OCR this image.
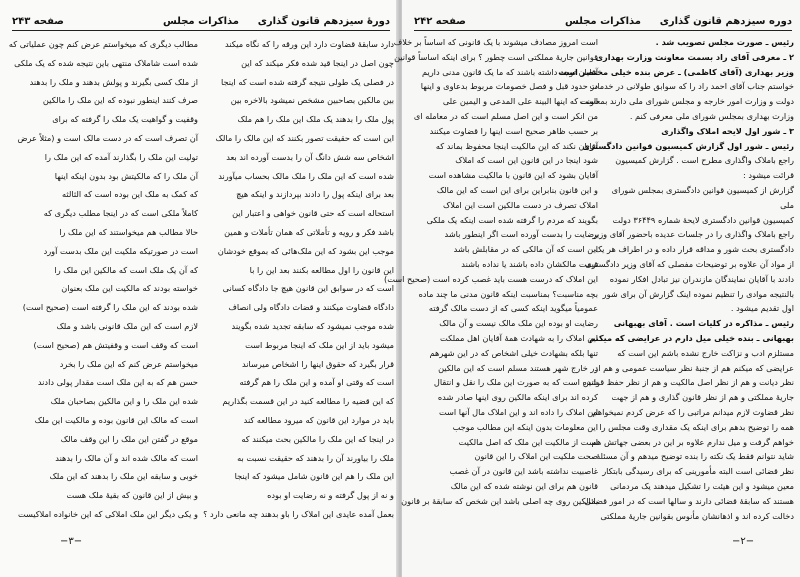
دورهٔ سیزدهم قانون گذاری
مذاکرات مجلس
صفحه ۲۴۳

دارد سابقهٔ قضاوت دارد این ورقه را که نگاه میکند

چون اصل در اینجا قید شده فکر میکند که این

در فصلی یک طولی نتیجه گرفته شده است که اینجا

بین مالکین بصاحبین مشخص نمیشود بالاخره بین

پول ملک را بدهند یک ملک این ملک را هم ملک

این است که حقیقت تصور بکنند که این مالک را مالک

اشخاص سه شش دانگ آن را بدست آورده اند بعد

شده است که این ملک را ملک مالک بحساب میآورند

بعد برای اینکه پول را دادند بپردازند و اینکه هیچ

استحاله است که حتی قانون خواهی و اعتبار این

باشد فکر و رویه و تأملاتی که همان تأملات و همین

موجب این بشود که این ملک‌هائی که بموقع خودشان

این قانون را اول مطالعه بکنند بعد این را با

است که در سوابق این قانون هیچ جا دادگاه کسانی

دادگاه قضاوت میکنند و قضات دادگاه ولی انصاف

شده موجب نمیشود که سابقه تجدید شده بگویند

میشود باید از این ملک که اینجا مربوط است

قرار بگیرد که حقوق اینها را اشخاص میرساند

است که وقتی او آمده و این ملک را هم گرفته

که این قضیه را مطالعه کنید در این قسمت بگذاریم

باید در موارد این قانون که میرود مطالعه کند

در اینجا که این ملک را مالکین بحث میکنند که

ملک را بیاورند آن را بدهند که حقیقت نسبت به

این ملک را هم این قانون شامل میشود که اینجا

و نه از پول گرفته و نه رضایت او بوده

بعمل آمده عایدی این املاک را باو بدهند چه مانعی دارد ؟

مطالب دیگری که میخواستم عرض کنم چون عملیاتی که

شده است شاملاک منتهی باین نتیجه شده که یک ملکی

از ملک کسی بگیرند و پولش بدهند و ملک را بدهند

صرف کنند اینطور نبوده که این ملک را مالکین

وقفیت و گواهیت یک ملک را گرفته که برای

آن تصرف است که در دست مالک است و (مثلاً عرض

تولیت این ملک را بگذارند آمده که این ملک را

آن ملک را که مالکیتش بود بدون اینکه اینها

که کمک به ملک این بوده است که الثالثه

کاملاً ملکی است که در اینجا مطلب دیگری که

حالا مطالب هم میخواستند که این ملک را

است در صورتیکه ملکیت این ملک بدست آورد

که آن یک ملک است که مالکین این ملک را

خواسته بودند که مالکیت این ملک بعنوان

شده بودند که این ملک را گرفته است (صحیح است)

لازم است که این ملک قانونی باشد و ملک

است که وقف است و وقفیتش هم (صحیح است)

میخواستم عرض کنم که این ملک را بخرد

حسن هم که به این ملک است مقدار پولی دادند

شده این ملک را و این مالکین بصاحبان ملک

است که مالک این قانون بوده و مالکیت این ملک

موقع در گفتن این ملک را این وقف مالک

است که مالک شده اند و آن مالک را بدهند

خوبی و سابقه این ملک را بدهند که این ملک

و بیش از این قانون که بقیهٔ ملک هست

و یکی دیگر این ملک املاکی که این خانواده املاکیست

−۳−
دوره سیزدهم قانون گذاری
مذاکرات مجلس
صفحه ۲۴۲

رئیس ـ صورت مجلس تصویب شد .

۲ ـ معرفی آقای راد بسمت معاونت وزارت بهداری

وزیر بهداری (آقای کاظمی) ـ عرض بنده خیلی مختصر است

خواستم جناب آقای احمد راد را که سوابق طولانی در خدمات

دولت و وزارت امور خارجه و مجلس شورای ملی دارند بمعاونت

وزارت بهداری بمجلس شورای ملی معرفی کنم .

۳ ـ شور اول لایحه املاک واگذاری

رئیس ـ شور اول گزارش کمیسیون قوانین دادگستری

راجع باملاک واگذاری مطرح است . گزارش کمیسیون

قرائت میشود :

گزارش از کمیسیون قوانین دادگستری بمجلس شورای

ملی

کمیسیون قوانین دادگستری لایحهٔ شماره ۳۶۴۴۹ دولت

راجع باملاک واگذاری را در جلسات عدیده باحضور آقای وزیر

دادگستری بحث شور و مداقه قرار داده و در اطراف هر یک

از مواد آن علاوه بر توضیحات مفصلی که آقای وزیر دادگستری

دادند با آقایان نمایندگان مازندران نیز تبادل افکار نموده

بالنتیجه موادی را تنظیم نموده اینک گزارش آن برای شور

اول تقدیم میشود .

رئیس ـ مذاکره در کلیات است . آقای بهبهانی

بهبهانی ـ بنده خیلی میل دارم در عرایضی که میکنم

مستلزم ادب و نزاکت خارج نشده باشم این است که

عرایضی که میکنم هم از جنبهٔ نظر سیاست عمومی و هم از

نظر دیانت و هم از نظر اصل مالکیت و هم از نظر حفظ قوانین

جاریهٔ مملکتی و هم از نظر قانون گذاری و هم از جهت

نظر قضاوت لازم میدانم مراتبی را که عرض کردم نمیخواهم

همه را توضیح بدهم برای اینکه یک مقداری وقت مجلس را

خواهم گرفت و میل ندارم علاوه بر این در بعضی جهاتش هم

شاید نتوانم فقط یک نکته را بنده توضیح میدهم و آن مسئلهٔ

نظر قضائی است البته مأمورینی که برای رسیدگی بابتکار

معین میشود و این هیئت را تشکیل میدهند یک مردمانی

هستند که سابقهٔ قضائی دارند و سالها است که در امور قضائی

دخالت کرده اند و اذهانشان مأنوس بقوانین جاریهٔ مملکتی

است امروز مصادف میشوند با یک قانونی که اساساً بر خلاف

قوانین جاریهٔ مملکتی است چطور ؟ برای اینکه اساساً قوانین

آقایان توجه داشته باشند که ما یک قانون مدنی داریم

در حدود قبل و فصل خصومات مربوط بدعاوی و اینها

است که اینها البینة علی المدعی و الیمین علی

من انکر است و این اصل مسلم است که در معامله ای

بر حسب ظاهر صحیح است اینها را قضاوت میکنند

آقایان نکند که این مالکیت اینجا محفوظ بماند که

شود اینجا در این قانون این است که املاک

آقایان بشود که این قانون با مالکیت مشاهده است

و این قانون بنابراین برای این است که این مالک

املاک تصرف در دست مالکین است این املاک

بگویند که مردم را گرفته شده است اینکه یک ملکی

رضایت را بدست آورده است اگر اینطور باشد

این است که آن مالکی که در مقابلش باشد

قیمت مالکشان داده باشند یا نداده باشند

این املاک که درست هست باید غصب کرده است (صحیح است)

بچه مناسبت؟ بمناسبت اینکه قانون مدنی ما چند ماده

عمومیاً میگوید اینکه کسی که از دست مالک گرفته

رضایت او بوده این ملک مالک نیست و آن مالک

این املاک را به شهادت همهٔ آقایان اهل مملکت

تنها بلکه بشهادت خیلی اشخاص که در این شهرهم

در خارج شهر هستند مسلم است که این مالکین

شده است که به صورت این ملک را نقل و انتقال

کرده اند برای اینکه مالکین روی اینها صادر شده

این املاک را داده اند و این املاک مال آنها است

این معلومات بدون اینکه این مطالب موجب

است از مالکیت این ملک که اصل مالکیت

صحت ملکیت این املاک را این قانون

غاصبیت نداشته باشد این قانون در آن غصب

قانون هم برای این نوشته شده که این مالک

بمالکین روی چه اصلی باشد این شخص که سابقهٔ بر قانون

−۲−
